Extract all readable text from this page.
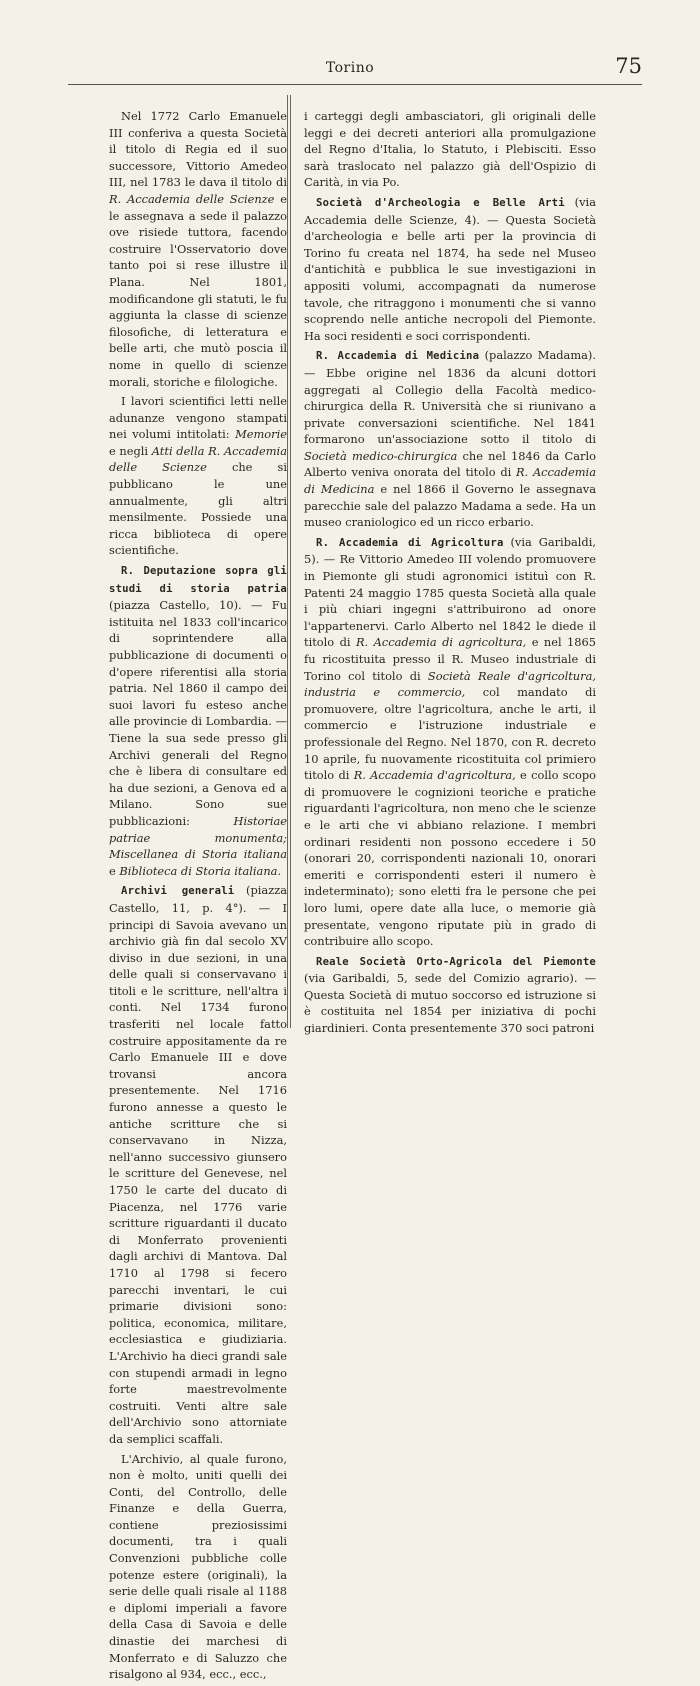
Torino	75

Nel 1772 Carlo Emanuele III conferiva a questa Società il titolo di Regia ed il suo successore, Vittorio Amedeo III, nel 1783 le dava il titolo di R. Accademia delle Scienze e le assegnava a sede il palazzo ove risiede tuttora, facendo costruire l'Osservatorio dove tanto poi si rese illustre il Plana. Nel 1801, modificandone gli statuti, le fu aggiunta la classe di scienze filosofiche, di letteratura e belle arti, che mutò poscia il nome in quello di scienze morali, storiche e filologiche.

I lavori scientifici letti nelle adunanze vengono stampati nei volumi intitolati: Memorie e negli Atti della R. Accademia delle Scienze che si pubblicano le une annualmente, gli altri mensilmente. Possiede una ricca biblioteca di opere scientifiche.

R. Deputazione sopra gli studi di storia patria (piazza Castello, 10). — Fu istituita nel 1833 coll'incarico di soprintendere alla pubblicazione di documenti o d'opere riferentisi alla storia patria. Nel 1860 il campo dei suoi lavori fu esteso anche alle provincie di Lombardia. — Tiene la sua sede presso gli Archivi generali del Regno che è libera di consultare ed ha due sezioni, a Genova ed a Milano. Sono sue pubblicazioni: Historiae patriae monumenta; Miscellanea di Storia italiana e Biblioteca di Storia italiana.

Archivi generali (piazza Castello, 11, p. 4°). — I principi di Savoia avevano un archivio già fin dal secolo XV diviso in due sezioni, in una delle quali si conservavano i titoli e le scritture, nell'altra i conti. Nel 1734 furono trasferiti nel locale fatto costruire appositamente da re Carlo Emanuele III e dove trovansi ancora presentemente. Nel 1716 furono annesse a questo le antiche scritture che si conservavano in Nizza, nell'anno successivo giunsero le scritture del Genevese, nel 1750 le carte del ducato di Piacenza, nel 1776 varie scritture riguardanti il ducato di Monferrato provenienti dagli archivi di Mantova. Dal 1710 al 1798 si fecero parecchi inventari, le cui primarie divisioni sono: politica, economica, militare, ecclesiastica e giudiziaria. L'Archivio ha dieci grandi sale con stupendi armadi in legno forte maestrevolmente costruiti. Venti altre sale dell'Archivio sono attorniate da semplici scaffali.

L'Archivio, al quale furono, non è molto, uniti quelli dei Conti, del Controllo, delle Finanze e della Guerra, contiene preziosissimi documenti, tra i quali Convenzioni pubbliche colle potenze estere (originali), la serie delle quali risale al 1188 e diplomi imperiali a favore della Casa di Savoia e delle dinastie dei marchesi di Monferrato e di Saluzzo che risalgono al 934, ecc., ecc.,

i carteggi degli ambasciatori, gli originali delle leggi e dei decreti anteriori alla promulgazione del Regno d'Italia, lo Statuto, i Plebisciti. Esso sarà traslocato nel palazzo già dell'Ospizio di Carità, in via Po.

Società d'Archeologia e Belle Arti (via Accademia delle Scienze, 4). — Questa Società d'archeologia e belle arti per la provincia di Torino fu creata nel 1874, ha sede nel Museo d'antichità e pubblica le sue investigazioni in appositi volumi, accompagnati da numerose tavole, che ritraggono i monumenti che si vanno scoprendo nelle antiche necropoli del Piemonte. Ha soci residenti e soci corrispondenti.

R. Accademia di Medicina (palazzo Madama). — Ebbe origine nel 1836 da alcuni dottori aggregati al Collegio della Facoltà medico-chirurgica della R. Università che si riunivano a private conversazioni scientifiche. Nel 1841 formarono un'associazione sotto il titolo di Società medico-chirurgica che nel 1846 da Carlo Alberto veniva onorata del titolo di R. Accademia di Medicina e nel 1866 il Governo le assegnava parecchie sale del palazzo Madama a sede. Ha un museo craniologico ed un ricco erbario.

R. Accademia di Agricoltura (via Garibaldi, 5). — Re Vittorio Amedeo III volendo promuovere in Piemonte gli studi agronomici istituì con R. Patenti 24 maggio 1785 questa Società alla quale i più chiari ingegni s'attribuirono ad onore l'appartenervi. Carlo Alberto nel 1842 le diede il titolo di R. Accademia di agricoltura, e nel 1865 fu ricostituita presso il R. Museo industriale di Torino col titolo di Società Reale d'agricoltura, industria e commercio, col mandato di promuovere, oltre l'agricoltura, anche le arti, il commercio e l'istruzione industriale e professionale del Regno. Nel 1870, con R. decreto 10 aprile, fu nuovamente ricostituita col primiero titolo di R. Accademia d'agricoltura, e collo scopo di promuovere le cognizioni teoriche e pratiche riguardanti l'agricoltura, non meno che le scienze e le arti che vi abbiano relazione. I membri ordinari residenti non possono eccedere i 50 (onorari 20, corrispondenti nazionali 10, onorari emeriti e corrispondenti esteri il numero è indeterminato); sono eletti fra le persone che pei loro lumi, opere date alla luce, o memorie già presentate, vengono riputate più in grado di contribuire allo scopo.

Reale Società Orto-Agricola del Piemonte (via Garibaldi, 5, sede del Comizio agrario). — Questa Società di mutuo soccorso ed istruzione si è costituita nel 1854 per iniziativa di pochi giardinieri. Conta presentemente 370 soci patroni
